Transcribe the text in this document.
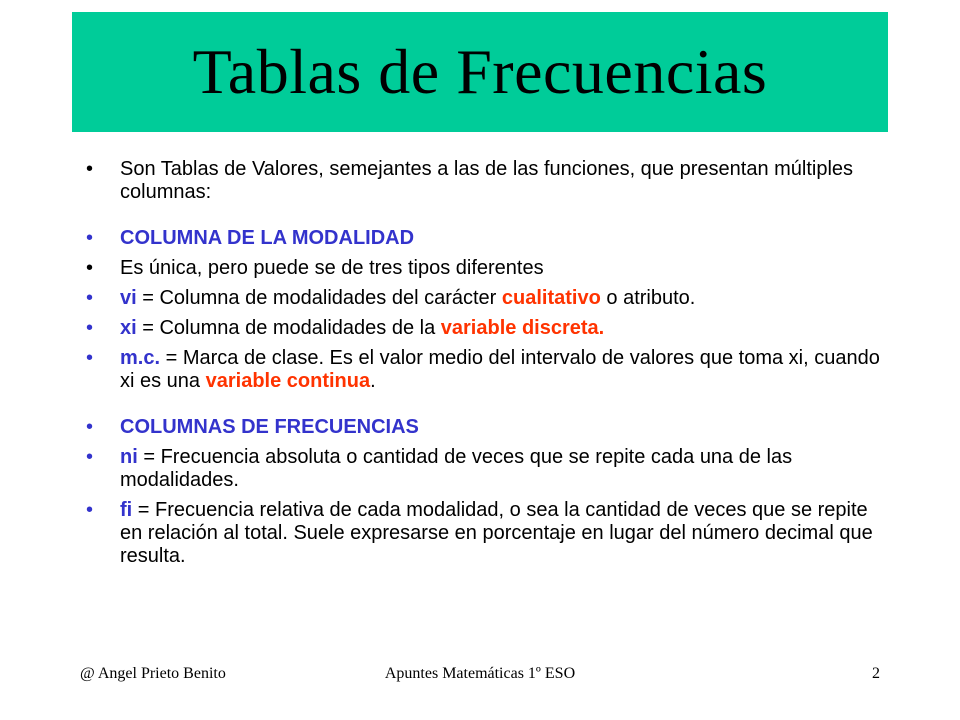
Tablas de Frecuencias
• Son Tablas de Valores, semejantes a las de las funciones, que presentan múltiples columnas:
• COLUMNA DE LA MODALIDAD
• Es única, pero puede se de tres tipos diferentes
• vi = Columna de modalidades del carácter cualitativo o atributo.
• xi = Columna de modalidades de la variable discreta.
• m.c. = Marca de clase. Es el valor medio del intervalo de valores que toma xi, cuando xi es una variable continua.
• COLUMNAS DE FRECUENCIAS
• ni = Frecuencia absoluta o cantidad de veces que se repite cada una de las modalidades.
• fi = Frecuencia relativa de cada modalidad, o sea la cantidad de veces que se repite en relación al total. Suele expresarse en porcentaje en lugar del número decimal que resulta.
@ Angel Prieto Benito	Apuntes Matemáticas 1º ESO	2
